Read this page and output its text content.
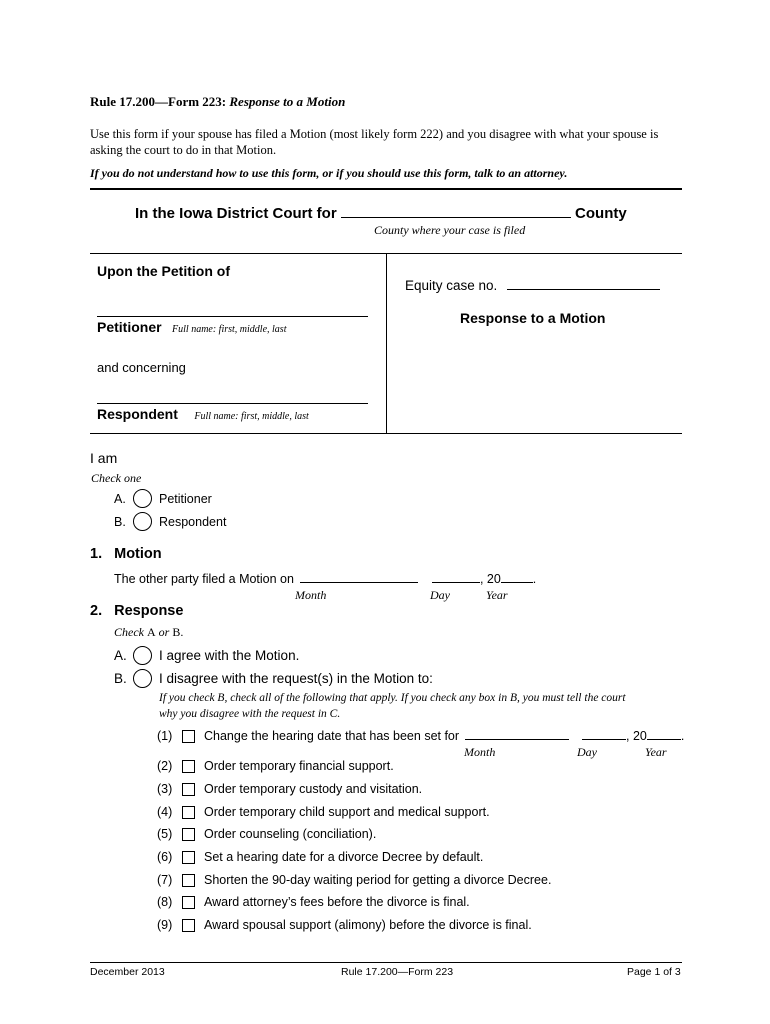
Rule 17.200—Form 223: Response to a Motion
Use this form if your spouse has filed a Motion (most likely form 222) and you disagree with what your spouse is
asking the court to do in that Motion.
If you do not understand how to use this form, or if you should use this form, talk to an attorney.
In the Iowa District Court for	County
County where your case is filed
Upon the Petition of
Petitioner Full name: first, middle, last
and concerning
Respondent Full name: first, middle, last
Equity case no.
Response to a Motion
I am
Check one
A.	Petitioner
B.	Respondent
1. Motion
The other party filed a Motion on	, 20	.
Month	Day	Year
2. Response
Check A or B.
A. I agree with the Motion.
B. I disagree with the request(s) in the Motion to:
If you check B, check all of the following that apply. If you check any box in B, you must tell the court
why you disagree with the request in C.
(1)	Change the hearing date that has been set for	, 20	.
Month	Day	Year
(2)	Order temporary financial support.
(3)	Order temporary custody and visitation.
(4)	Order temporary child support and medical support.
(5)	Order counseling (conciliation).
(6)	Set a hearing date for a divorce Decree by default.
(7)	Shorten the 90-day waiting period for getting a divorce Decree.
(8)	Award attorney’s fees before the divorce is final.
(9)	Award spousal support (alimony) before the divorce is final.
December 2013	Rule 17.200—Form 223	Page 1 of 3
